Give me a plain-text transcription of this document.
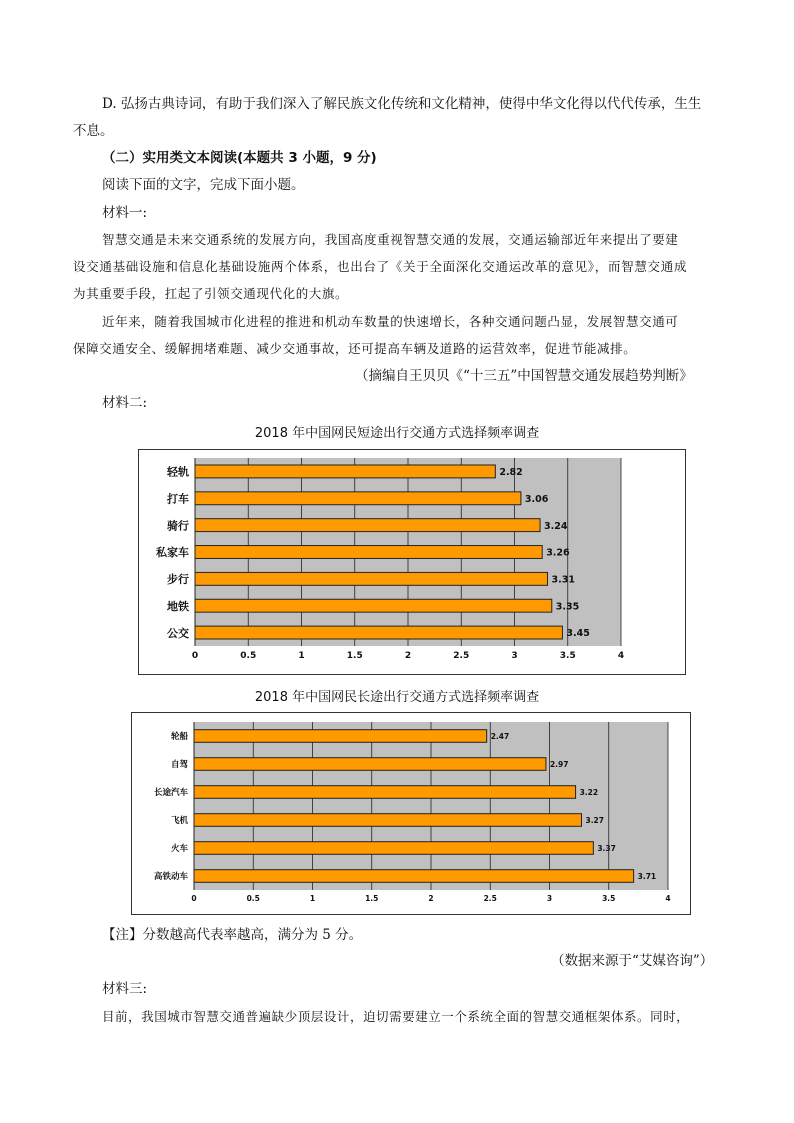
D. 弘扬古典诗词，有助于我们深入了解民族文化传统和文化精神，使得中华文化得以代代传承，生生
不息。
（二）实用类文本阅读(本题共 3 小题，9 分)
阅读下面的文字，完成下面小题。
材料一:
智慧交通是未来交通系统的发展方向，我国高度重视智慧交通的发展，交通运输部近年来提出了要建
设交通基础设施和信息化基础设施两个体系，也出台了《关于全面深化交通运改革的意见》，而智慧交通成
为其重要手段，扛起了引领交通现代化的大旗。
近年来，随着我国城市化进程的推进和机动车数量的快速增长，各种交通问题凸显，发展智慧交通可
保障交通安全、缓解拥堵难题、减少交通事故，还可提高车辆及道路的运营效率，促进节能减排。
（摘编自王贝贝《“十三五”中国智慧交通发展趋势判断》
材料二:
2018 年中国网民短途出行交通方式选择频率调查
0	0.5	1	1.5	2	2.5	3	3.5	4
轻轨	2.82
打车	3.06
骑行	3.24
私家车	3.26
步行	3.31
地铁	3.35
公交	3.45
2018 年中国网民长途出行交通方式选择频率调查
0	0.5	1	1.5	2	2.5	3	3.5	4
轮船	2.47
自驾	2.97
长途汽车	3.22
飞机	3.27
火车	3.37
高铁动车	3.71
【注】分数越高代表率越高，满分为 5 分。
（数据来源于“艾媒咨询”）
材料三:
目前，我国城市智慧交通普遍缺少顶层设计，迫切需要建立一个系统全面的智慧交通框架体系。同时，
